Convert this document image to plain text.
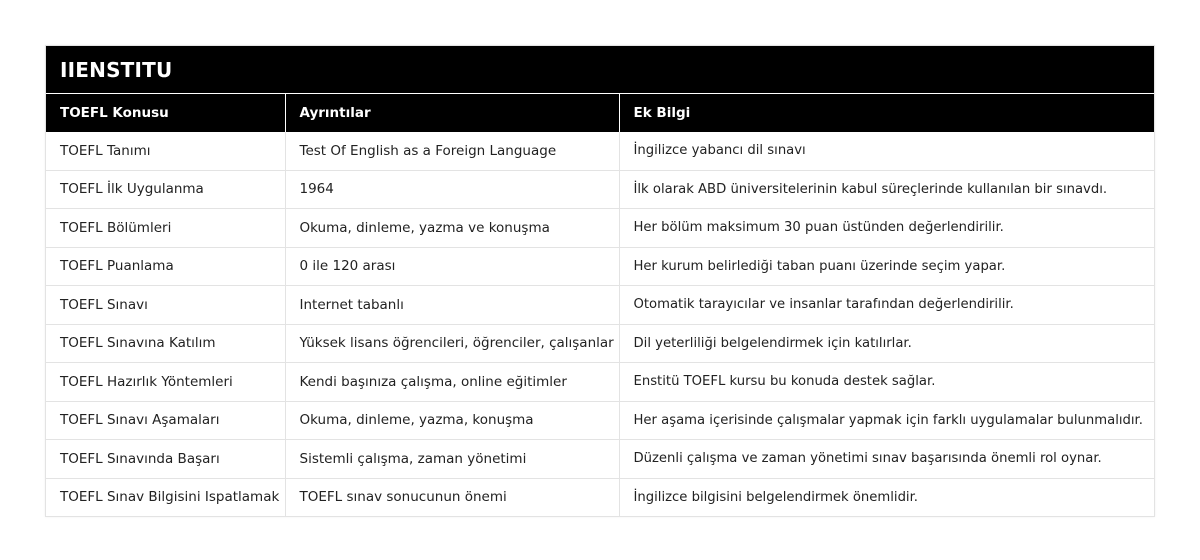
IIENSTITU
TOEFL Konusu	Ayrıntılar	Ek Bilgi
TOEFL Tanımı	Test Of English as a Foreign Language	İngilizce yabancı dil sınavı
TOEFL İlk Uygulanma	1964	İlk olarak ABD üniversitelerinin kabul süreçlerinde kullanılan bir sınavdı.
TOEFL Bölümleri	Okuma, dinleme, yazma ve konuşma	Her bölüm maksimum 30 puan üstünden değerlendirilir.
TOEFL Puanlama	0 ile 120 arası	Her kurum belirlediği taban puanı üzerinde seçim yapar.
TOEFL Sınavı	Internet tabanlı	Otomatik tarayıcılar ve insanlar tarafından değerlendirilir.
TOEFL Sınavına Katılım	Yüksek lisans öğrencileri, öğrenciler, çalışanlar	Dil yeterliliği belgelendirmek için katılırlar.
TOEFL Hazırlık Yöntemleri	Kendi başınıza çalışma, online eğitimler	Enstitü TOEFL kursu bu konuda destek sağlar.
TOEFL Sınavı Aşamaları	Okuma, dinleme, yazma, konuşma	Her aşama içerisinde çalışmalar yapmak için farklı uygulamalar bulunmalıdır.
TOEFL Sınavında Başarı	Sistemli çalışma, zaman yönetimi	Düzenli çalışma ve zaman yönetimi sınav başarısında önemli rol oynar.
TOEFL Sınav Bilgisini Ispatlamak	TOEFL sınav sonucunun önemi	İngilizce bilgisini belgelendirmek önemlidir.
